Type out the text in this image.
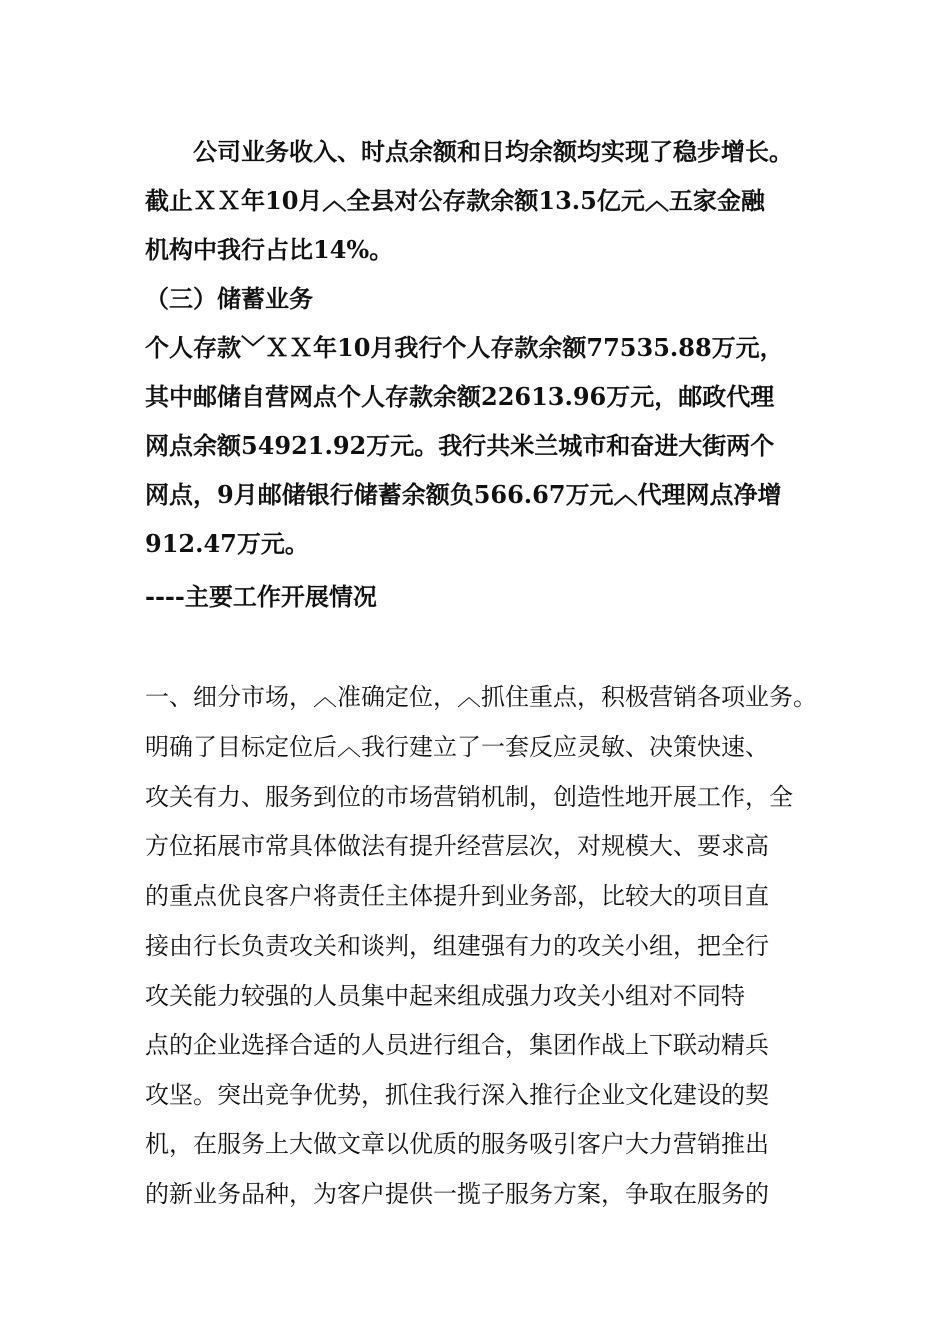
公司业务收入、时点余额和日均余额均实现了稳步增长。
截止ＸＸ年10月︿全县对公存款余额13.5亿元︿五家金融
机构中我行占比14%。
（三）储蓄业务
个人存款﹀ＸＸ年10月我行个人存款余额77535.88万元，
其中邮储自营网点个人存款余额22613.96万元，邮政代理
网点余额54921.92万元。我行共米兰城市和奋进大街两个
网点，9月邮储银行储蓄余额负566.67万元︿代理网点净增
912.47万元。
----主要工作开展情况
一、细分市场，︿准确定位，︿抓住重点，积极营销各项业务。
明确了目标定位后︿我行建立了一套反应灵敏、决策快速、
攻关有力、服务到位的市场营销机制，创造性地开展工作，全
方位拓展市常具体做法有提升经营层次，对规模大、要求高
的重点优良客户将责任主体提升到业务部，比较大的项目直
接由行长负责攻关和谈判，组建强有力的攻关小组，把全行
攻关能力较强的人员集中起来组成强力攻关小组对不同特
点的企业选择合适的人员进行组合，集团作战上下联动精兵
攻坚。突出竞争优势，抓住我行深入推行企业文化建设的契
机，在服务上大做文章以优质的服务吸引客户大力营销推出
的新业务品种，为客户提供一揽子服务方案，争取在服务的
